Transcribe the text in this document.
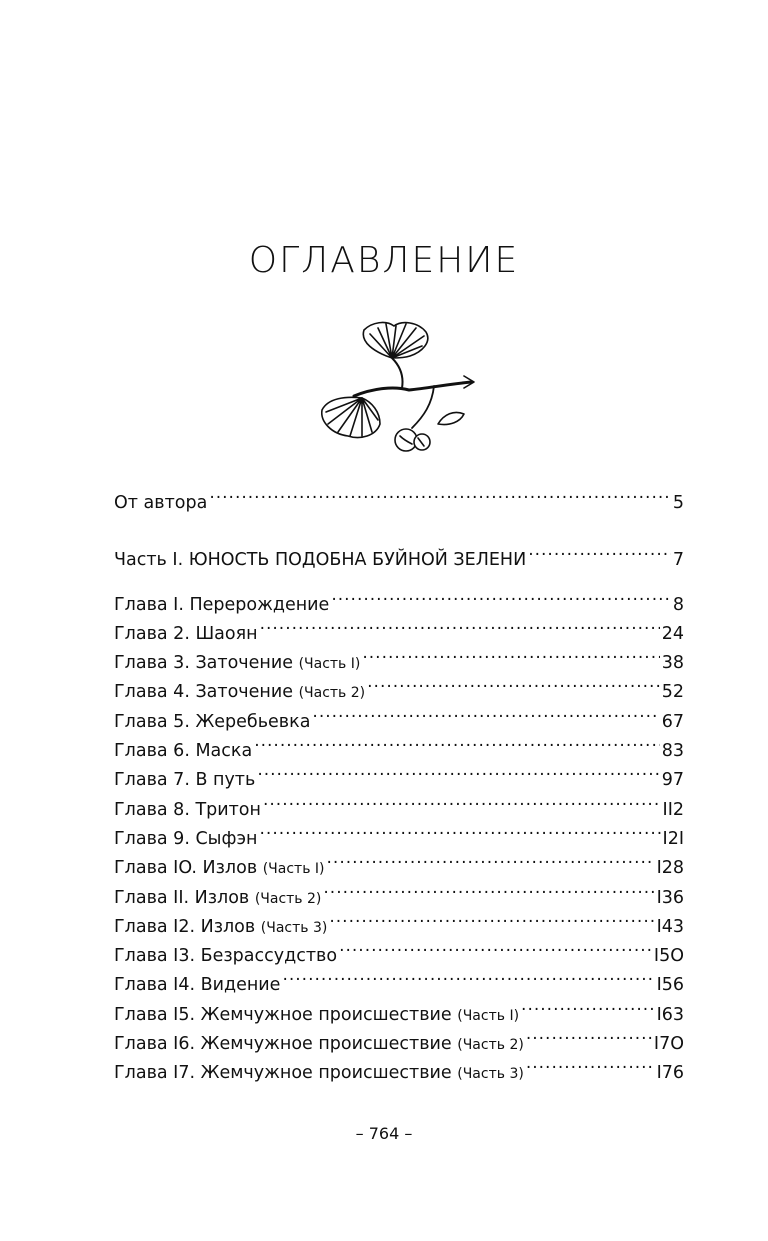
ОГЛАВЛЕНИЕ
От автора . . .	5
Часть I. ЮНОСТЬ ПОДОБНА БУЙНОЙ ЗЕЛЕНИ . . .	7
Глава I. Перерождение . . .	8
Глава 2. Шаоян . . .	24
Глава 3. Заточение (Часть I) . . .	38
Глава 4. Заточение (Часть 2) . . .	52
Глава 5. Жеребьевка . . .	67
Глава 6. Маска . . .	83
Глава 7. В путь . . .	97
Глава 8. Тритон . . .	II2
Глава 9. Сыфэн . . .	I2I
Глава IO. Излов (Часть I) . . .	I28
Глава II. Излов (Часть 2) . . .	I36
Глава I2. Излов (Часть 3) . . .	I43
Глава I3. Безрассудство . . .	I5O
Глава I4. Видение . . .	I56
Глава I5. Жемчужное происшествие (Часть I) . . .	I63
Глава I6. Жемчужное происшествие (Часть 2) . . .	I7O
Глава I7. Жемчужное происшествие (Часть 3) . . .	I76
– 764 –
